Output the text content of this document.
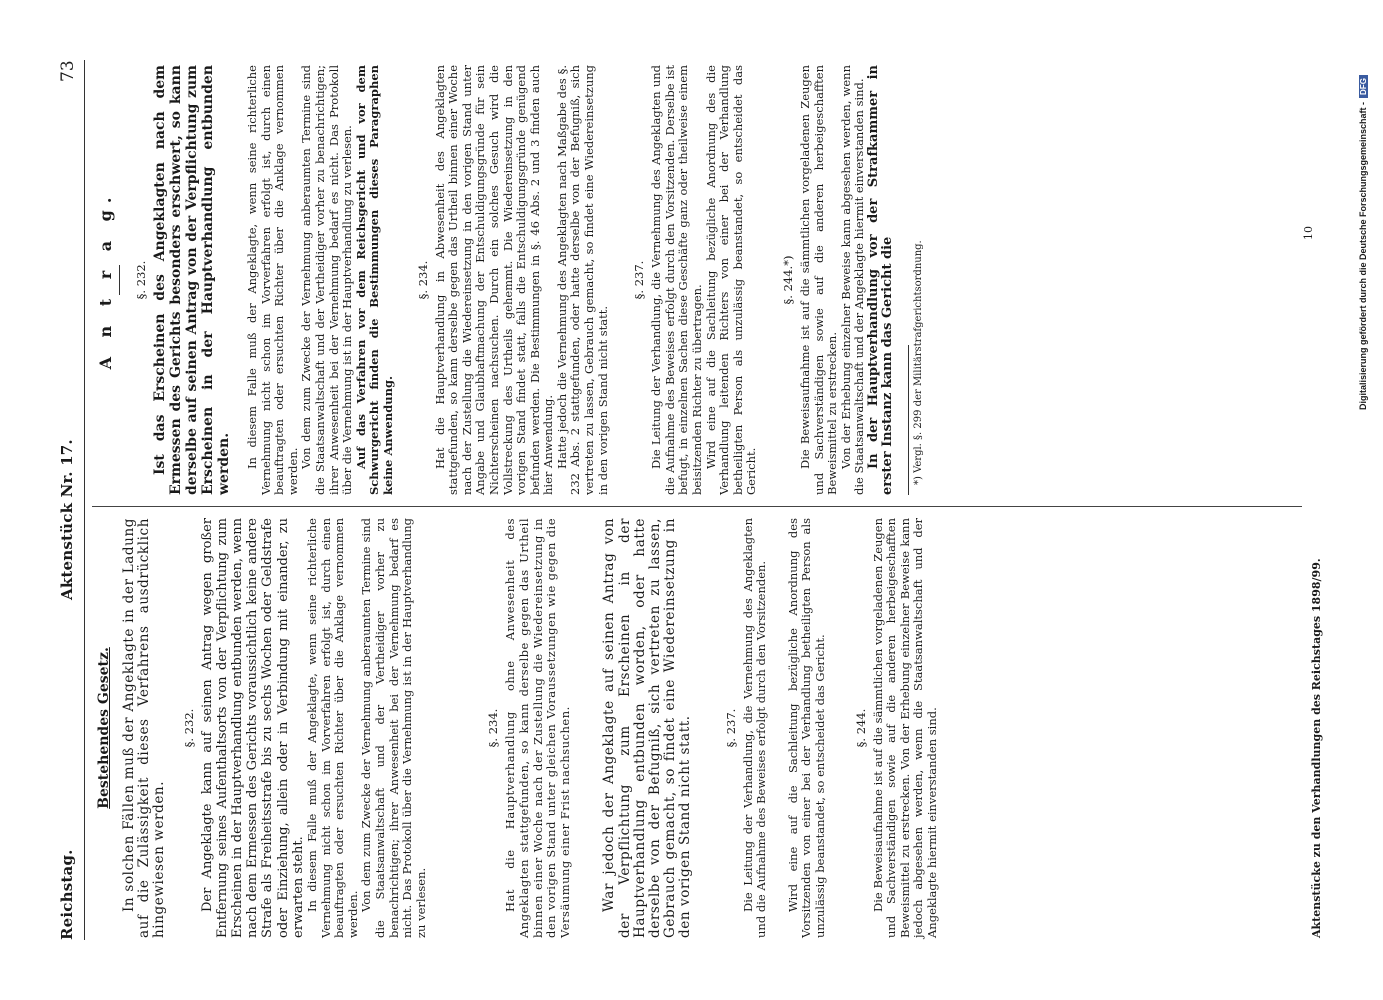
Reichstag.
Aktenstück Nr. 17.
73
Bestehendes Gesetz. In solchen Fällen muß der Angeklagte in der Ladung auf die Zulässigkeit dieses Verfahrens ausdrücklich hingewiesen werden.

§. 232. Der Angeklagte kann auf seinen Antrag wegen großer Entfernung seines Aufenthaltsorts von der Verpflichtung zum Erscheinen in der Hauptverhandlung entbunden werden, wenn nach dem Ermessen des Gerichts voraussichtlich keine andere Strafe als Freiheitsstrafe bis zu sechs Wochen oder Geldstrafe oder Einziehung, allein oder in Verbindung mit einander, zu erwarten steht. In diesem Falle muß der Angeklagte, wenn seine richterliche Vernehmung nicht schon im Vorverfahren erfolgt ist, durch einen beauftragten oder ersuchten Richter über die Anklage vernommen werden.

Von dem zum Zwecke der Vernehmung anberaumten Termine sind die Staatsanwaltschaft und der Vertheidiger vorher zu benachrichtigen; ihrer Anwesenheit bei der Vernehmung bedarf es nicht. Das Protokoll über die Vernehmung ist in der Hauptverhandlung zu verlesen.

§. 234. Hat die Hauptverhandlung ohne Anwesenheit des Angeklagten stattgefunden, so kann derselbe gegen das Urtheil binnen einer Woche nach der Zustellung die Wiedereinsetzung in den vorigen Stand unter gleichen Voraussetzungen wie gegen die Versäumung einer Frist nachsuchen. War jedoch der Angeklagte auf seinen Antrag von der Verpflichtung zum Erscheinen in der Hauptverhandlung entbunden worden, oder hatte derselbe von der Befugniß, sich vertreten zu lassen, Gebrauch gemacht, so findet eine Wiedereinsetzung in den vorigen Stand nicht statt.	§. 237. Die Leitung der Verhandlung, die Vernehmung des Angeklagten und die Aufnahme des Beweises erfolgt durch den Vorsitzenden. Wird eine auf die Sachleitung bezügliche Anordnung des Vorsitzenden von einer bei der Verhandlung betheiligten Person als unzulässig beanstandet, so entscheidet das Gericht. §. 244. Die Beweisaufnahme ist auf die sämmtlichen vorgeladenen Zeugen und Sachverständigen sowie auf die anderen herbeigeschafften Beweismittel zu erstrecken. Von der Erhebung einzelner Beweise kann jedoch abgesehen werden, wenn die Staatsanwaltschaft und der Angeklagte hiermit einverstanden sind.

A n t r a g. §. 232. Ist das Erscheinen des Angeklagten nach dem Ermessen des Gerichts besonders erschwert, so kann derselbe auf seinen Antrag von der Verpflichtung zum Erscheinen in der Hauptverhandlung entbunden werden. In diesem Falle muß der Angeklagte, wenn seine richterliche Vernehmung nicht schon im Vorverfahren erfolgt ist, durch einen beauftragten oder ersuchten Richter über die Anklage vernommen werden.

Von dem zum Zwecke der Vernehmung anberaumten Termine sind die Staatsanwaltschaft und der Vertheidiger vorher zu benachrichtigen; ihrer Anwesenheit bei der Vernehmung bedarf es nicht. Das Protokoll über die Vernehmung ist in der Hauptverhandlung zu verlesen. Auf das Verfahren vor dem Reichsgericht und vor dem Schwurgericht finden die Bestimmungen dieses Paragraphen keine Anwendung.

§. 234. Hat die Hauptverhandlung in Abwesenheit des Angeklagten stattgefunden, so kann derselbe gegen das Urtheil binnen einer Woche nach der Zustellung die Wiedereinsetzung in den vorigen Stand unter Angabe und Glaubhaftmachung der Entschuldigungsgründe für sein Nichterscheinen nachsuchen. Durch ein solches Gesuch wird die Vollstreckung des Urtheils gehemmt. Die Wiedereinsetzung in den vorigen Stand findet statt, falls die Entschuldigungsgründe genügend befunden werden. Die Bestimmungen in §. 46 Abs. 2 und 3 finden auch hier Anwendung. Hatte jedoch die Vernehmung des Angeklagten nach Maßgabe des §. 232 Abs. 2 stattgefunden, oder hatte derselbe von der Befugniß, sich vertreten zu lassen, Gebrauch gemacht, so findet eine Wiedereinsetzung in den vorigen Stand nicht statt.

§. 237. Die Leitung der Verhandlung, die Vernehmung des Angeklagten und die Aufnahme des Beweises erfolgt durch den Vorsitzenden. Derselbe ist befugt, in einzelnen Sachen diese Geschäfte ganz oder theilweise einem beisitzenden Richter zu übertragen. Wird eine auf die Sachleitung bezügliche Anordnung des die Verhandlung leitenden Richters von einer bei der Verhandlung betheiligten Person als unzulässig beanstandet, so entscheidet das Gericht.

§. 244.*) Die Beweisaufnahme ist auf die sämmtlichen vorgeladenen Zeugen und Sachverständigen sowie auf die anderen herbeigeschafften Beweismittel zu erstrecken. Von der Erhebung einzelner Beweise kann abgesehen werden, wenn die Staatsanwaltschaft und der Angeklagte hiermit einverstanden sind. In der Hauptverhandlung vor der Strafkammer in erster Instanz kann das Gericht die *) Vergl. §. 299 der Militärstrafgerichtsordnung.
Aktenstücke zu den Verhandlungen des Reichstages 1898/99.
10	Digitalisierung gefördert durch die Deutsche Forschungsgemeinschaft -DFG
